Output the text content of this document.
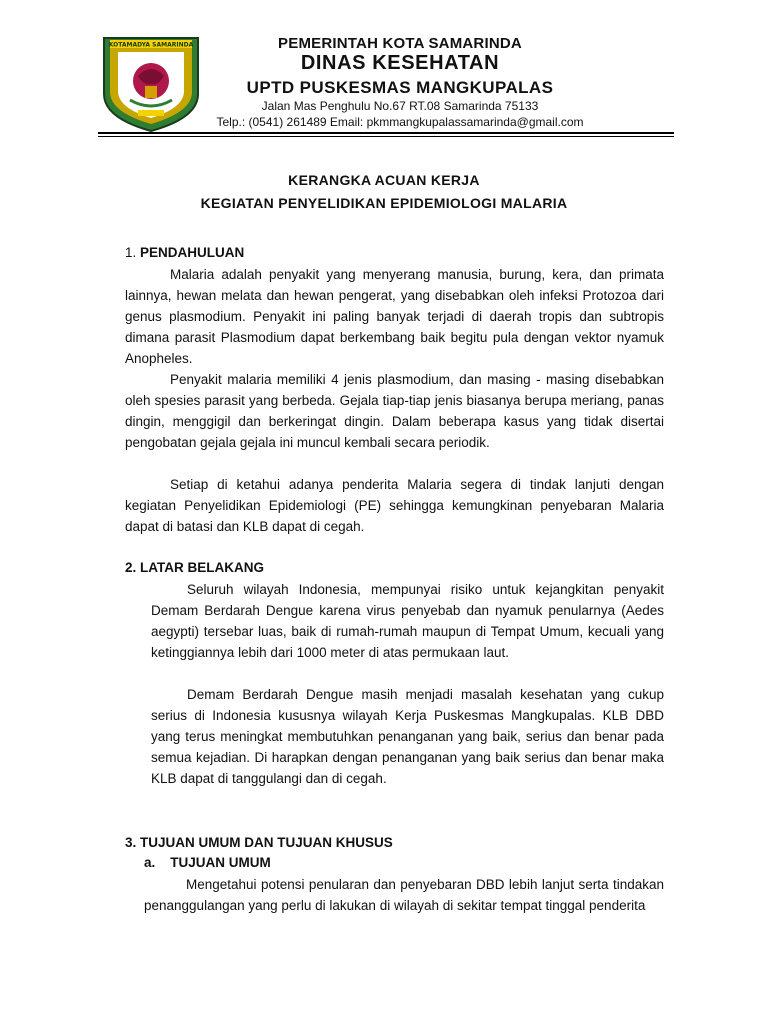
KOTAMADYA SAMARINDA	PEMERINTAH KOTA SAMARINDA
DINAS KESEHATAN
UPTD PUSKESMAS MANGKUPALAS
Jalan Mas Penghulu No.67 RT.08 Samarinda 75133
Telp.: (0541) 261489 Email: pkmmangkupalassamarinda@gmail.com
KERANGKA ACUAN KERJA
KEGIATAN PENYELIDIKAN EPIDEMIOLOGI MALARIA
1. PENDAHULUAN
Malaria adalah penyakit yang menyerang manusia, burung, kera, dan primata lainnya, hewan melata dan hewan pengerat, yang disebabkan oleh infeksi Protozoa dari genus plasmodium. Penyakit ini paling banyak terjadi di daerah tropis dan subtropis dimana parasit Plasmodium dapat berkembang baik begitu pula dengan vektor nyamuk Anopheles.
Penyakit malaria memiliki 4 jenis plasmodium, dan masing - masing disebabkan oleh spesies parasit yang berbeda. Gejala tiap-tiap jenis biasanya berupa meriang, panas dingin, menggigil dan berkeringat dingin. Dalam beberapa kasus yang tidak disertai pengobatan gejala gejala ini muncul kembali secara periodik.
Setiap di ketahui adanya penderita Malaria segera di tindak lanjuti dengan kegiatan Penyelidikan Epidemiologi (PE) sehingga kemungkinan penyebaran Malaria dapat di batasi dan KLB dapat di cegah.
2. LATAR BELAKANG
Seluruh wilayah Indonesia, mempunyai risiko untuk kejangkitan penyakit Demam Berdarah Dengue karena virus penyebab dan nyamuk penularnya (Aedes aegypti) tersebar luas, baik di rumah-rumah maupun di Tempat Umum, kecuali yang ketinggiannya lebih dari 1000 meter di atas permukaan laut.
Demam Berdarah Dengue masih menjadi masalah kesehatan yang cukup serius di Indonesia kususnya wilayah Kerja Puskesmas Mangkupalas. KLB DBD yang terus meningkat membutuhkan penanganan yang baik, serius dan benar pada semua kejadian. Di harapkan dengan penanganan yang baik serius dan benar maka KLB dapat di tanggulangi dan di cegah.
3. TUJUAN UMUM DAN TUJUAN KHUSUS
a.    TUJUAN UMUM
Mengetahui potensi penularan dan penyebaran DBD lebih lanjut serta tindakan  penanggulangan yang perlu di lakukan di wilayah di sekitar tempat tinggal penderita
